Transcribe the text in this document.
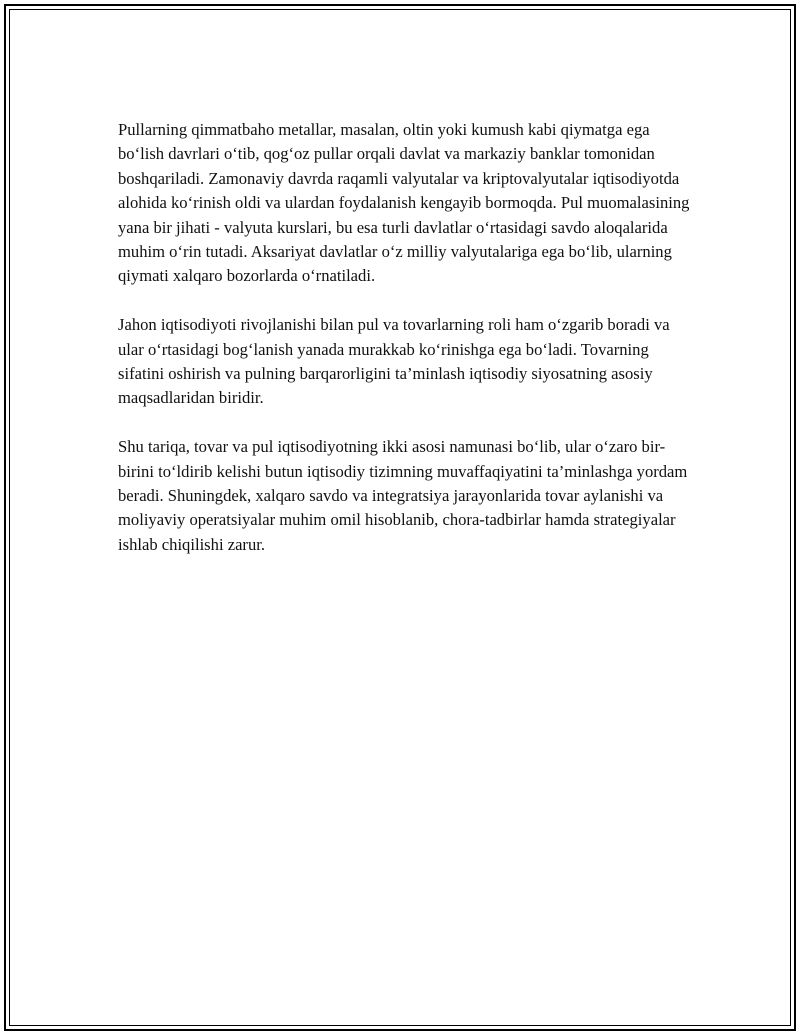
Pullarning qimmatbaho metallar, masalan, oltin yoki kumush kabi qiymatga ega bo‘lish davrlari o‘tib, qog‘oz pullar orqali davlat va markaziy banklar tomonidan boshqariladi. Zamonaviy davrda raqamli valyutalar va kriptovalyutalar iqtisodiyotda alohida ko‘rinish oldi va ulardan foydalanish kengayib bormoqda. Pul muomalasining yana bir jihati - valyuta kurslari, bu esa turli davlatlar o‘rtasidagi savdo aloqalarida muhim o‘rin tutadi. Aksariyat davlatlar o‘z milliy valyutalariga ega bo‘lib, ularning qiymati xalqaro bozorlarda o‘rnatiladi.

Jahon iqtisodiyoti rivojlanishi bilan pul va tovarlarning roli ham o‘zgarib boradi va ular o‘rtasidagi bog‘lanish yanada murakkab ko‘rinishga ega bo‘ladi. Tovarning sifatini oshirish va pulning barqarorligini ta’minlash iqtisodiy siyosatning asosiy maqsadlaridan biridir.

Shu tariqa, tovar va pul iqtisodiyotning ikki asosi namunasi bo‘lib, ular o‘zaro bir-birini to‘ldirib kelishi butun iqtisodiy tizimning muvaffaqiyatini ta’minlashga yordam beradi. Shuningdek, xalqaro savdo va integratsiya jarayonlarida tovar aylanishi va moliyaviy operatsiyalar muhim omil hisoblanib, chora-tadbirlar hamda strategiyalar ishlab chiqilishi zarur.
